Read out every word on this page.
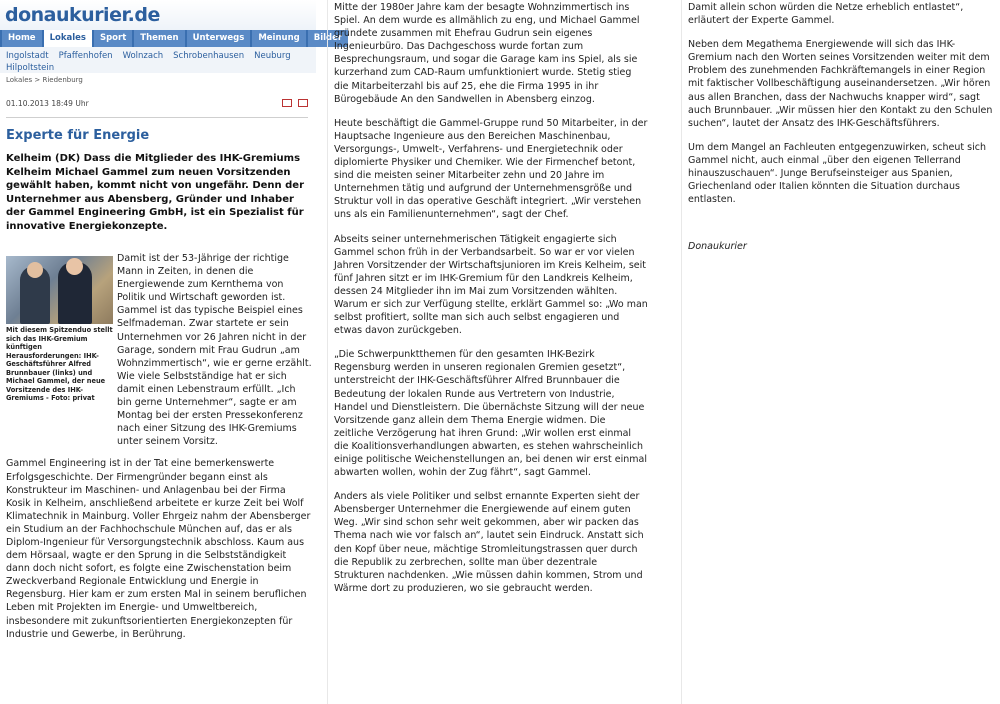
donaukurier.de
Home	Lokales	Sport	Themen	Unterwegs	Meinung	Bilder
Ingolstadt Pfaffenhofen Wolnzach Schrobenhausen Neuburg
Hilpoltstein
Lokales > Riedenburg
01.10.2013 18:49 Uhr
Experte für Energie
Kelheim (DK) Dass die Mitglieder des IHK-Gremiums Kelheim Michael Gammel zum neuen Vorsitzenden gewählt haben, kommt nicht von ungefähr. Denn der Unternehmer aus Abensberg, Gründer und Inhaber der Gammel Engineering GmbH, ist ein Spezialist für innovative Energiekonzepte.
Mit diesem Spitzenduo stellt sich das IHK-Gremium künftigen Herausforderungen: IHK-Geschäftsführer Alfred Brunnbauer (links) und Michael Gammel, der neue Vorsitzende des IHK-Gremiums - Foto: privat

Damit ist der 53-Jährige der richtige Mann in Zeiten, in denen die Energiewende zum Kernthema von Politik und Wirtschaft geworden ist. Gammel ist das typische Beispiel eines Selfmademan. Zwar startete er sein Unternehmen vor 26 Jahren nicht in der Garage, sondern mit Frau Gudrun „am Wohnzimmertisch“, wie er gerne erzählt. Wie viele Selbstständige hat er sich damit einen Lebenstraum erfüllt. „Ich bin gerne Unternehmer“, sagte er am Montag bei der ersten Pressekonferenz nach einer Sitzung des IHK-Gremiums unter seinem Vorsitz.

Gammel Engineering ist in der Tat eine bemerkenswerte Erfolgsgeschichte. Der Firmengründer begann einst als Konstrukteur im Maschinen- und Anlagenbau bei der Firma Kosik in Kelheim, anschließend arbeitete er kurze Zeit bei Wolf Klimatechnik in Mainburg. Voller Ehrgeiz nahm der Abensberger ein Studium an der Fachhochschule München auf, das er als Diplom-Ingenieur für Versorgungstechnik abschloss. Kaum aus dem Hörsaal, wagte er den Sprung in die Selbstständigkeit dann doch nicht sofort, es folgte eine Zwischenstation beim Zweckverband Regionale Entwicklung und Energie in Regensburg. Hier kam er zum ersten Mal in seinem beruflichen Leben mit Projekten im Energie- und Umweltbereich, insbesondere mit zukunftsorientierten Energiekonzepten für Industrie und Gewerbe, in Berührung.

Mitte der 1980er Jahre kam der besagte Wohnzimmertisch ins Spiel. An dem wurde es allmählich zu eng, und Michael Gammel gründete zusammen mit Ehefrau Gudrun sein eigenes Ingenieurbüro. Das Dachgeschoss wurde fortan zum Besprechungsraum, und sogar die Garage kam ins Spiel, als sie kurzerhand zum CAD-Raum umfunktioniert wurde. Stetig stieg die Mitarbeiterzahl bis auf 25, ehe die Firma 1995 in ihr Bürogebäude An den Sandwellen in Abensberg einzog.

Heute beschäftigt die Gammel-Gruppe rund 50 Mitarbeiter, in der Hauptsache Ingenieure aus den Bereichen Maschinenbau, Versorgungs-, Umwelt-, Verfahrens- und Energietechnik oder diplomierte Physiker und Chemiker. Wie der Firmenchef betont, sind die meisten seiner Mitarbeiter zehn und 20 Jahre im Unternehmen tätig und aufgrund der Unternehmensgröße und Struktur voll in das operative Geschäft integriert. „Wir verstehen uns als ein Familienunternehmen“, sagt der Chef.

Abseits seiner unternehmerischen Tätigkeit engagierte sich Gammel schon früh in der Verbandsarbeit. So war er vor vielen Jahren Vorsitzender der Wirtschaftsjunioren im Kreis Kelheim, seit fünf Jahren sitzt er im IHK-Gremium für den Landkreis Kelheim, dessen 24 Mitglieder ihn im Mai zum Vorsitzenden wählten. Warum er sich zur Verfügung stellte, erklärt Gammel so: „Wo man selbst profitiert, sollte man sich auch selbst engagieren und etwas davon zurückgeben.

„Die Schwerpunktthemen für den gesamten IHK-Bezirk Regensburg werden in unseren regionalen Gremien gesetzt“, unterstreicht der IHK-Geschäftsführer Alfred Brunnbauer die Bedeutung der lokalen Runde aus Vertretern von Industrie, Handel und Dienstleistern. Die übernächste Sitzung will der neue Vorsitzende ganz allein dem Thema Energie widmen. Die zeitliche Verzögerung hat ihren Grund: „Wir wollen erst einmal die Koalitionsverhandlungen abwarten, es stehen wahrscheinlich einige politische Weichenstellungen an, bei denen wir erst einmal abwarten wollen, wohin der Zug fährt“, sagt Gammel.

Anders als viele Politiker und selbst ernannte Experten sieht der Abensberger Unternehmer die Energiewende auf einem guten Weg. „Wir sind schon sehr weit gekommen, aber wir packen das Thema nach wie vor falsch an“, lautet sein Eindruck. Anstatt sich den Kopf über neue, mächtige Stromleitungstrassen quer durch die Republik zu zerbrechen, sollte man über dezentrale Strukturen nachdenken. „Wie müssen dahin kommen, Strom und Wärme dort zu produzieren, wo sie gebraucht werden.

Damit allein schon würden die Netze erheblich entlastet“, erläutert der Experte Gammel.

Neben dem Megathema Energiewende will sich das IHK-Gremium nach den Worten seines Vorsitzenden weiter mit dem Problem des zunehmenden Fachkräftemangels in einer Region mit faktischer Vollbeschäftigung auseinandersetzen. „Wir hören aus allen Branchen, dass der Nachwuchs knapper wird“, sagt auch Brunnbauer. „Wir müssen hier den Kontakt zu den Schulen suchen“, lautet der Ansatz des IHK-Geschäftsführers.

Um dem Mangel an Fachleuten entgegenzuwirken, scheut sich Gammel nicht, auch einmal „über den eigenen Tellerrand hinauszuschauen“. Junge Berufseinsteiger aus Spanien, Griechenland oder Italien könnten die Situation durchaus entlasten.

Donaukurier
